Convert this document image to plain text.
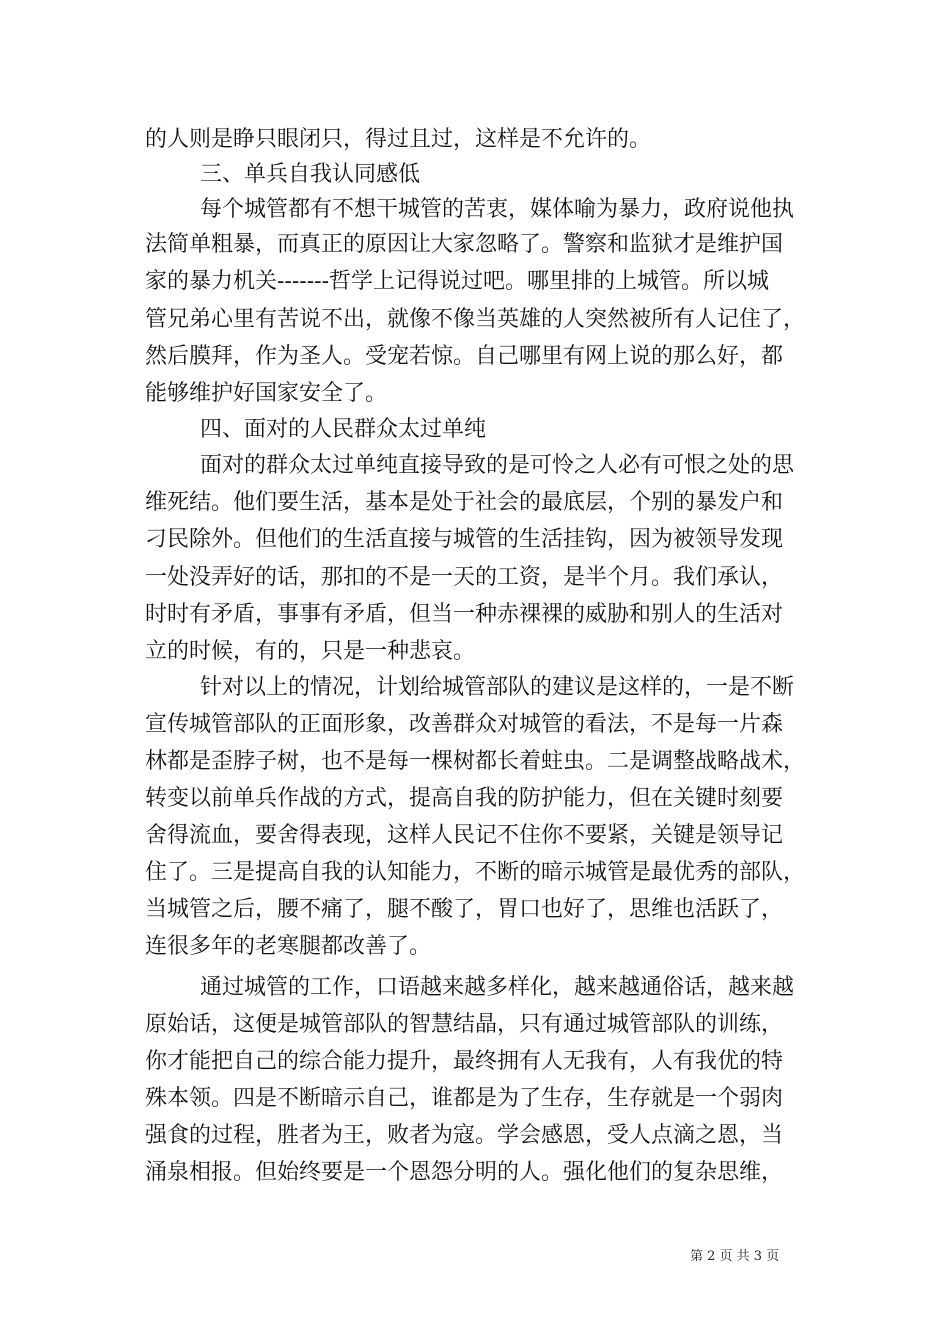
的人则是睁只眼闭只，得过且过，这样是不允许的。
三、单兵自我认同感低
每个城管都有不想干城管的苦衷，媒体喻为暴力，政府说他执
法简单粗暴，而真正的原因让大家忽略了。警察和监狱才是维护国
家的暴力机关-------哲学上记得说过吧。哪里排的上城管。所以城
管兄弟心里有苦说不出，就像不像当英雄的人突然被所有人记住了，
然后膜拜，作为圣人。受宠若惊。自己哪里有网上说的那么好，都
能够维护好国家安全了。
四、面对的人民群众太过单纯
面对的群众太过单纯直接导致的是可怜之人必有可恨之处的思
维死结。他们要生活，基本是处于社会的最底层，个别的暴发户和
刁民除外。但他们的生活直接与城管的生活挂钩，因为被领导发现
一处没弄好的话，那扣的不是一天的工资，是半个月。我们承认，
时时有矛盾，事事有矛盾，但当一种赤裸裸的威胁和别人的生活对
立的时候，有的，只是一种悲哀。
针对以上的情况，计划给城管部队的建议是这样的，一是不断
宣传城管部队的正面形象，改善群众对城管的看法，不是每一片森
林都是歪脖子树，也不是每一棵树都长着蛀虫。二是调整战略战术，
转变以前单兵作战的方式，提高自我的防护能力，但在关键时刻要
舍得流血，要舍得表现，这样人民记不住你不要紧，关键是领导记
住了。三是提高自我的认知能力，不断的暗示城管是最优秀的部队，
当城管之后，腰不痛了，腿不酸了，胃口也好了，思维也活跃了，
连很多年的老寒腿都改善了。
通过城管的工作，口语越来越多样化，越来越通俗话，越来越
原始话，这便是城管部队的智慧结晶，只有通过城管部队的训练，
你才能把自己的综合能力提升，最终拥有人无我有，人有我优的特
殊本领。四是不断暗示自己，谁都是为了生存，生存就是一个弱肉
强食的过程，胜者为王，败者为寇。学会感恩，受人点滴之恩，当
涌泉相报。但始终要是一个恩怨分明的人。强化他们的复杂思维，
第 2 页 共 3 页
